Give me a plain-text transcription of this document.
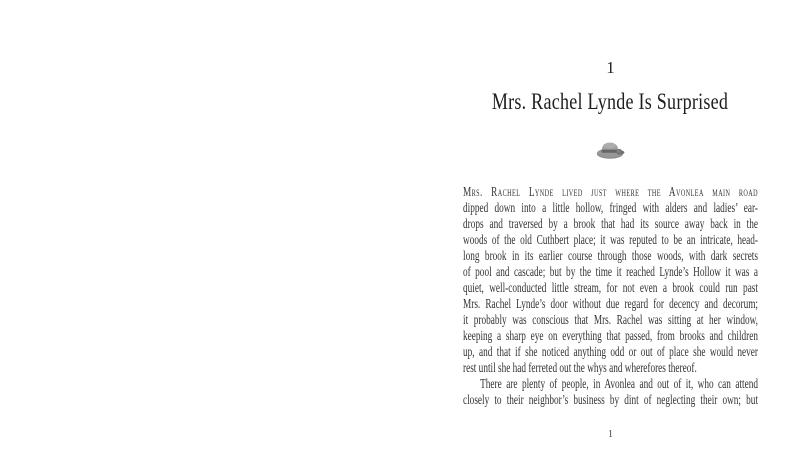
1
Mrs. Rachel Lynde Is Surprised
Mrs. Rachel Lynde lived just where the Avonlea main road
dipped down into a little hollow, fringed with alders and ladies’ ear-
drops and traversed by a brook that had its source away back in the
woods of the old Cuthbert place; it was reputed to be an intricate, head-
long brook in its earlier course through those woods, with dark secrets
of pool and cascade; but by the time it reached Lynde’s Hollow it was a
quiet, well-conducted little stream, for not even a brook could run past
Mrs. Rachel Lynde’s door without due regard for decency and decorum;
it probably was conscious that Mrs. Rachel was sitting at her window,
keeping a sharp eye on everything that passed, from brooks and children
up, and that if she noticed anything odd or out of place she would never
rest until she had ferreted out the whys and wherefores thereof.
There are plenty of people, in Avonlea and out of it, who can attend
closely to their neighbor’s business by dint of neglecting their own; but
1
